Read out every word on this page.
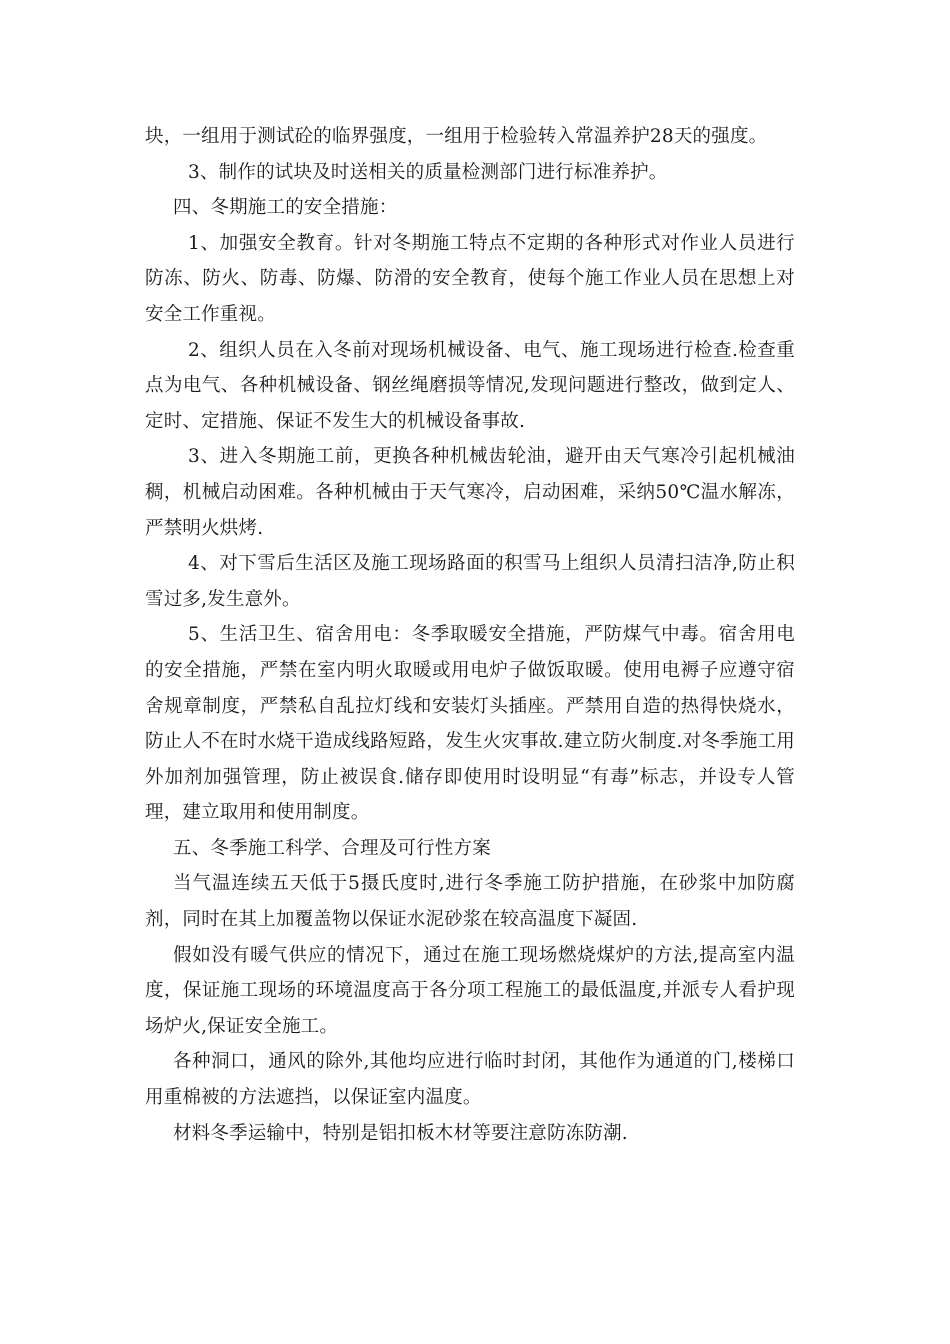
块，一组用于测试砼的临界强度，一组用于检验转入常温养护28天的强度。

3、制作的试块及时送相关的质量检测部门进行标准养护。

四、冬期施工的安全措施：

1、加强安全教育。针对冬期施工特点不定期的各种形式对作业人员进行防冻、防火、防毒、防爆、防滑的安全教育，使每个施工作业人员在思想上对安全工作重视。

2、组织人员在入冬前对现场机械设备、电气、施工现场进行检查.检查重点为电气、各种机械设备、钢丝绳磨损等情况,发现问题进行整改，做到定人、定时、定措施、保证不发生大的机械设备事故.

3、进入冬期施工前，更换各种机械齿轮油，避开由天气寒冷引起机械油稠，机械启动困难。各种机械由于天气寒冷，启动困难，采纳50℃温水解冻，严禁明火烘烤.

4、对下雪后生活区及施工现场路面的积雪马上组织人员清扫洁净,防止积雪过多,发生意外。

5、生活卫生、宿舍用电：冬季取暖安全措施，严防煤气中毒。宿舍用电的安全措施，严禁在室内明火取暖或用电炉子做饭取暖。使用电褥子应遵守宿舍规章制度，严禁私自乱拉灯线和安装灯头插座。严禁用自造的热得快烧水，防止人不在时水烧干造成线路短路，发生火灾事故.建立防火制度.对冬季施工用外加剂加强管理，防止被误食.储存即使用时设明显“有毒”标志，并设专人管理，建立取用和使用制度。

五、冬季施工科学、合理及可行性方案

当气温连续五天低于5摄氏度时,进行冬季施工防护措施，在砂浆中加防腐剂，同时在其上加覆盖物以保证水泥砂浆在较高温度下凝固.

假如没有暖气供应的情况下，通过在施工现场燃烧煤炉的方法,提高室内温度，保证施工现场的环境温度高于各分项工程施工的最低温度,并派专人看护现场炉火,保证安全施工。

各种洞口，通风的除外,其他均应进行临时封闭，其他作为通道的门,楼梯口用重棉被的方法遮挡，以保证室内温度。

材料冬季运输中，特别是铝扣板木材等要注意防冻防潮.
